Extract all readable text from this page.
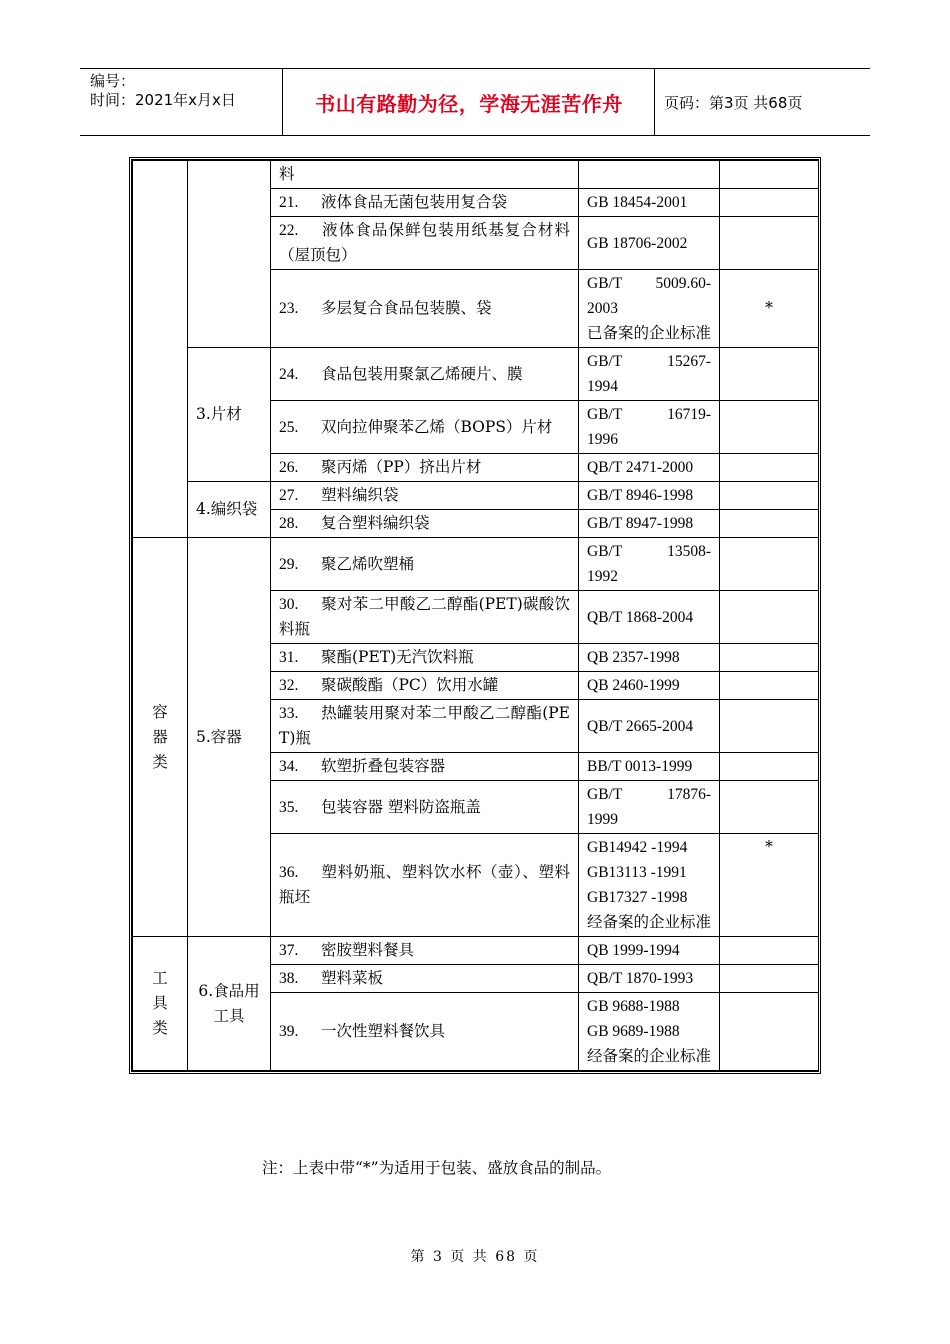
编号：
时间：2021年x月x日	书山有路勤为径，学海无涯苦作舟	页码：第3页 共68页
		料		
		21. 液体食品无菌包装用复合袋	GB 18454-2001	
		22. 液体食品保鲜包装用纸基复合材料（屋顶包）	GB 18706-2002	
		23. 多层复合食品包装膜、袋	GB/T 5009.60-
2003
已备案的企业标准	*
	3.片材	24. 食品包装用聚氯乙烯硬片、膜	GB/T 15267-
1994	

		25. 双向拉伸聚苯乙烯（BOPS）片材	GB/T 16719-
1996	

		26. 聚丙烯（PP）挤出片材	QB/T 2471-2000	
	4.编织袋	27. 塑料编织袋	GB/T 8946-1998	
		28. 复合塑料编织袋	GB/T 8947-1998	
容器类	5.容器	29. 聚乙烯吹塑桶	GB/T 13508-
1992	

		30. 聚对苯二甲酸乙二醇酯(PET)碳酸饮料瓶	QB/T 1868-2004	
		31. 聚酯(PET)无汽饮料瓶	QB 2357-1998	
		32. 聚碳酸酯（PC）饮用水罐	QB 2460-1999	
		33. 热罐装用聚对苯二甲酸乙二醇酯(PET)瓶	QB/T 2665-2004	
		34. 软塑折叠包装容器	BB/T 0013-1999	
		35. 包装容器 塑料防盗瓶盖	GB/T 17876-
1999	

		36. 塑料奶瓶、塑料饮水杯（壶）、塑料瓶坯	GB14942 -1994
GB13113 -1991
GB17327 -1998
经备案的企业标准	*
工具类	6.食品用工具	37. 密胺塑料餐具	QB 1999-1994	
		38. 塑料菜板	QB/T 1870-1993	
		39. 一次性塑料餐饮具	GB 9688-1988
GB 9689-1988
经备案的企业标准	

注：上表中带“*”为适用于包装、盛放食品的制品。
第 3 页 共 68 页
